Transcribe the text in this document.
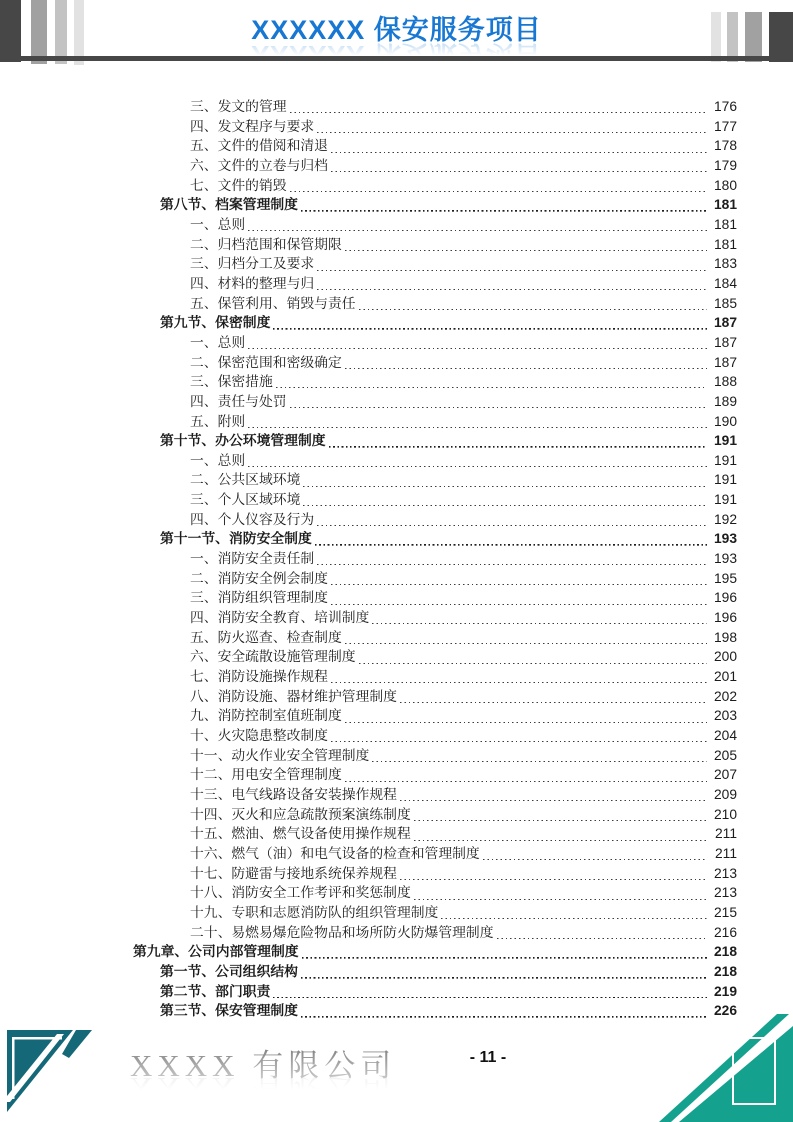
XXXXXX 保安服务项目
三、发文的管理	176
四、发文程序与要求	177
五、文件的借阅和清退	178
六、文件的立卷与归档	179
七、文件的销毁	180
第八节、档案管理制度	181
一、总则	181
二、归档范围和保管期限	181
三、归档分工及要求	183
四、材料的整理与归	184
五、保管利用、销毁与责任	185
第九节、保密制度	187
一、总则	187
二、保密范围和密级确定	187
三、保密措施	188
四、责任与处罚	189
五、附则	190
第十节、办公环境管理制度	191
一、总则	191
二、公共区域环境	191
三、个人区域环境	191
四、个人仪容及行为	192
第十一节、消防安全制度	193
一、消防安全责任制	193
二、消防安全例会制度	195
三、消防组织管理制度	196
四、消防安全教育、培训制度	196
五、防火巡查、检查制度	198
六、安全疏散设施管理制度	200
七、消防设施操作规程	201
八、消防设施、器材维护管理制度	202
九、消防控制室值班制度	203
十、火灾隐患整改制度	204
十一、动火作业安全管理制度	205
十二、用电安全管理制度	207
十三、电气线路设备安装操作规程	209
十四、灭火和应急疏散预案演练制度	210
十五、燃油、燃气设备使用操作规程	211
十六、燃气（油）和电气设备的检查和管理制度	211
十七、防避雷与接地系统保养规程	213
十八、消防安全工作考评和奖惩制度	213
十九、专职和志愿消防队的组织管理制度	215
二十、易燃易爆危险物品和场所防火防爆管理制度	216
第九章、公司内部管理制度	218
第一节、公司组织结构	218
第二节、部门职责	219
第三节、保安管理制度	226
XXXX 有限公司	- 11 -
